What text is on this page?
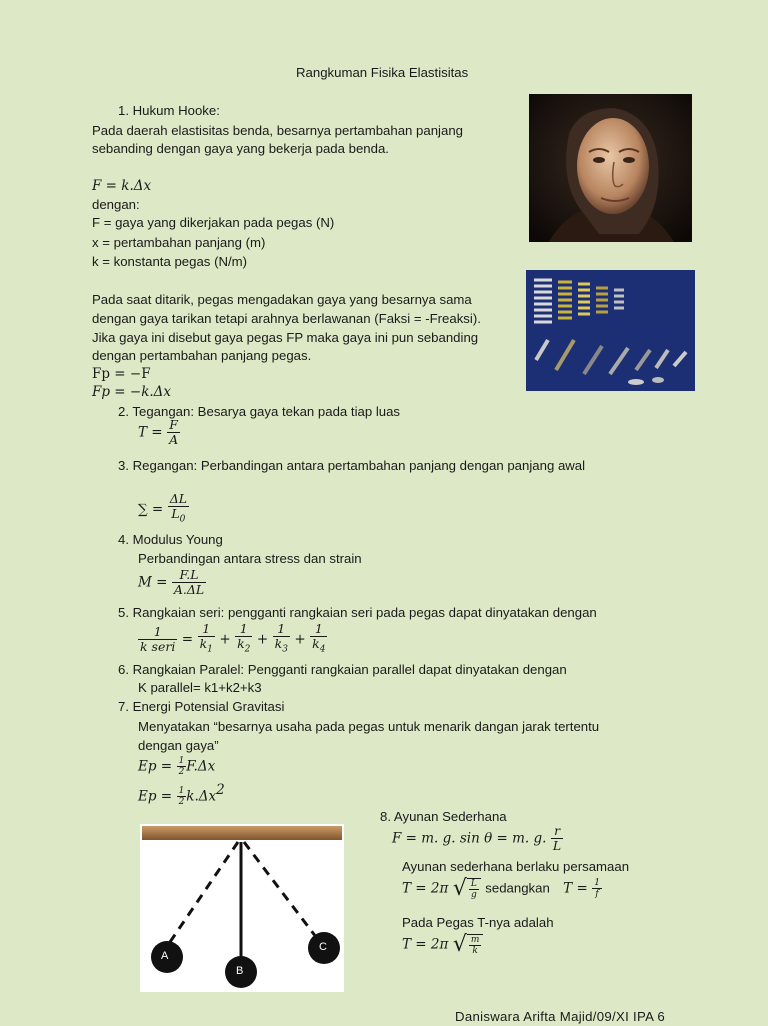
Rangkuman Fisika Elastisitas
1. Hukum Hooke:
Pada daerah elastisitas benda, besarnya pertambahan panjang
sebanding dengan gaya yang bekerja pada benda.
F = k.Δx
dengan:
F = gaya yang dikerjakan pada pegas (N)
x = pertambahan panjang (m)
k = konstanta pegas (N/m)
Pada saat ditarik, pegas mengadakan gaya yang besarnya sama
dengan gaya tarikan tetapi arahnya berlawanan (Faksi = -Freaksi).
Jika gaya ini disebut gaya pegas FP maka gaya ini pun sebanding
dengan pertambahan panjang pegas.
Fp = −F
Fp = −k.Δx
2. Tegangan: Besarya gaya tekan pada tiap luas
$T = \frac{F}{A}$
3. Regangan: Perbandingan antara pertambahan panjang dengan panjang awal
∑ = $\frac{\Delta L}{L_0}$
4. Modulus Young
Perbandingan antara stress dan strain
$M = \frac{F.L}{A.\Delta L}$
5. Rangkaian seri: pengganti rangkaian seri pada pegas dapat dinyatakan dengan
$\frac{1}{\text{k seri}} = \frac{1}{k_1} + \frac{1}{k_2} + \frac{1}{k_3} + \frac{1}{k_4}$
6. Rangkaian Paralel: Pengganti rangkaian parallel dapat dinyatakan dengan
K parallel= k1+k2+k3
7. Energi Potensial Gravitasi
Menyatakan “besarnya usaha pada pegas untuk menarik dangan jarak tertentu
dengan gaya”
$Ep = \frac{1}{2} F.\Delta x$
$Ep = \frac{1}{2} k.\Delta x^2$
A
B
C
8. Ayunan Sederhana
F = m. g. sin θ = m. g. $\frac{r}{L}$
Ayunan sederhana berlaku persamaan
T = 2π √ $\frac{L}{g}$ sedangkan $T = \frac{1}{f}$
Pada Pegas T-nya adalah
T = 2π √ $\frac{m}{k}$
Daniswara Arifta Majid/09/XI IPA 6
